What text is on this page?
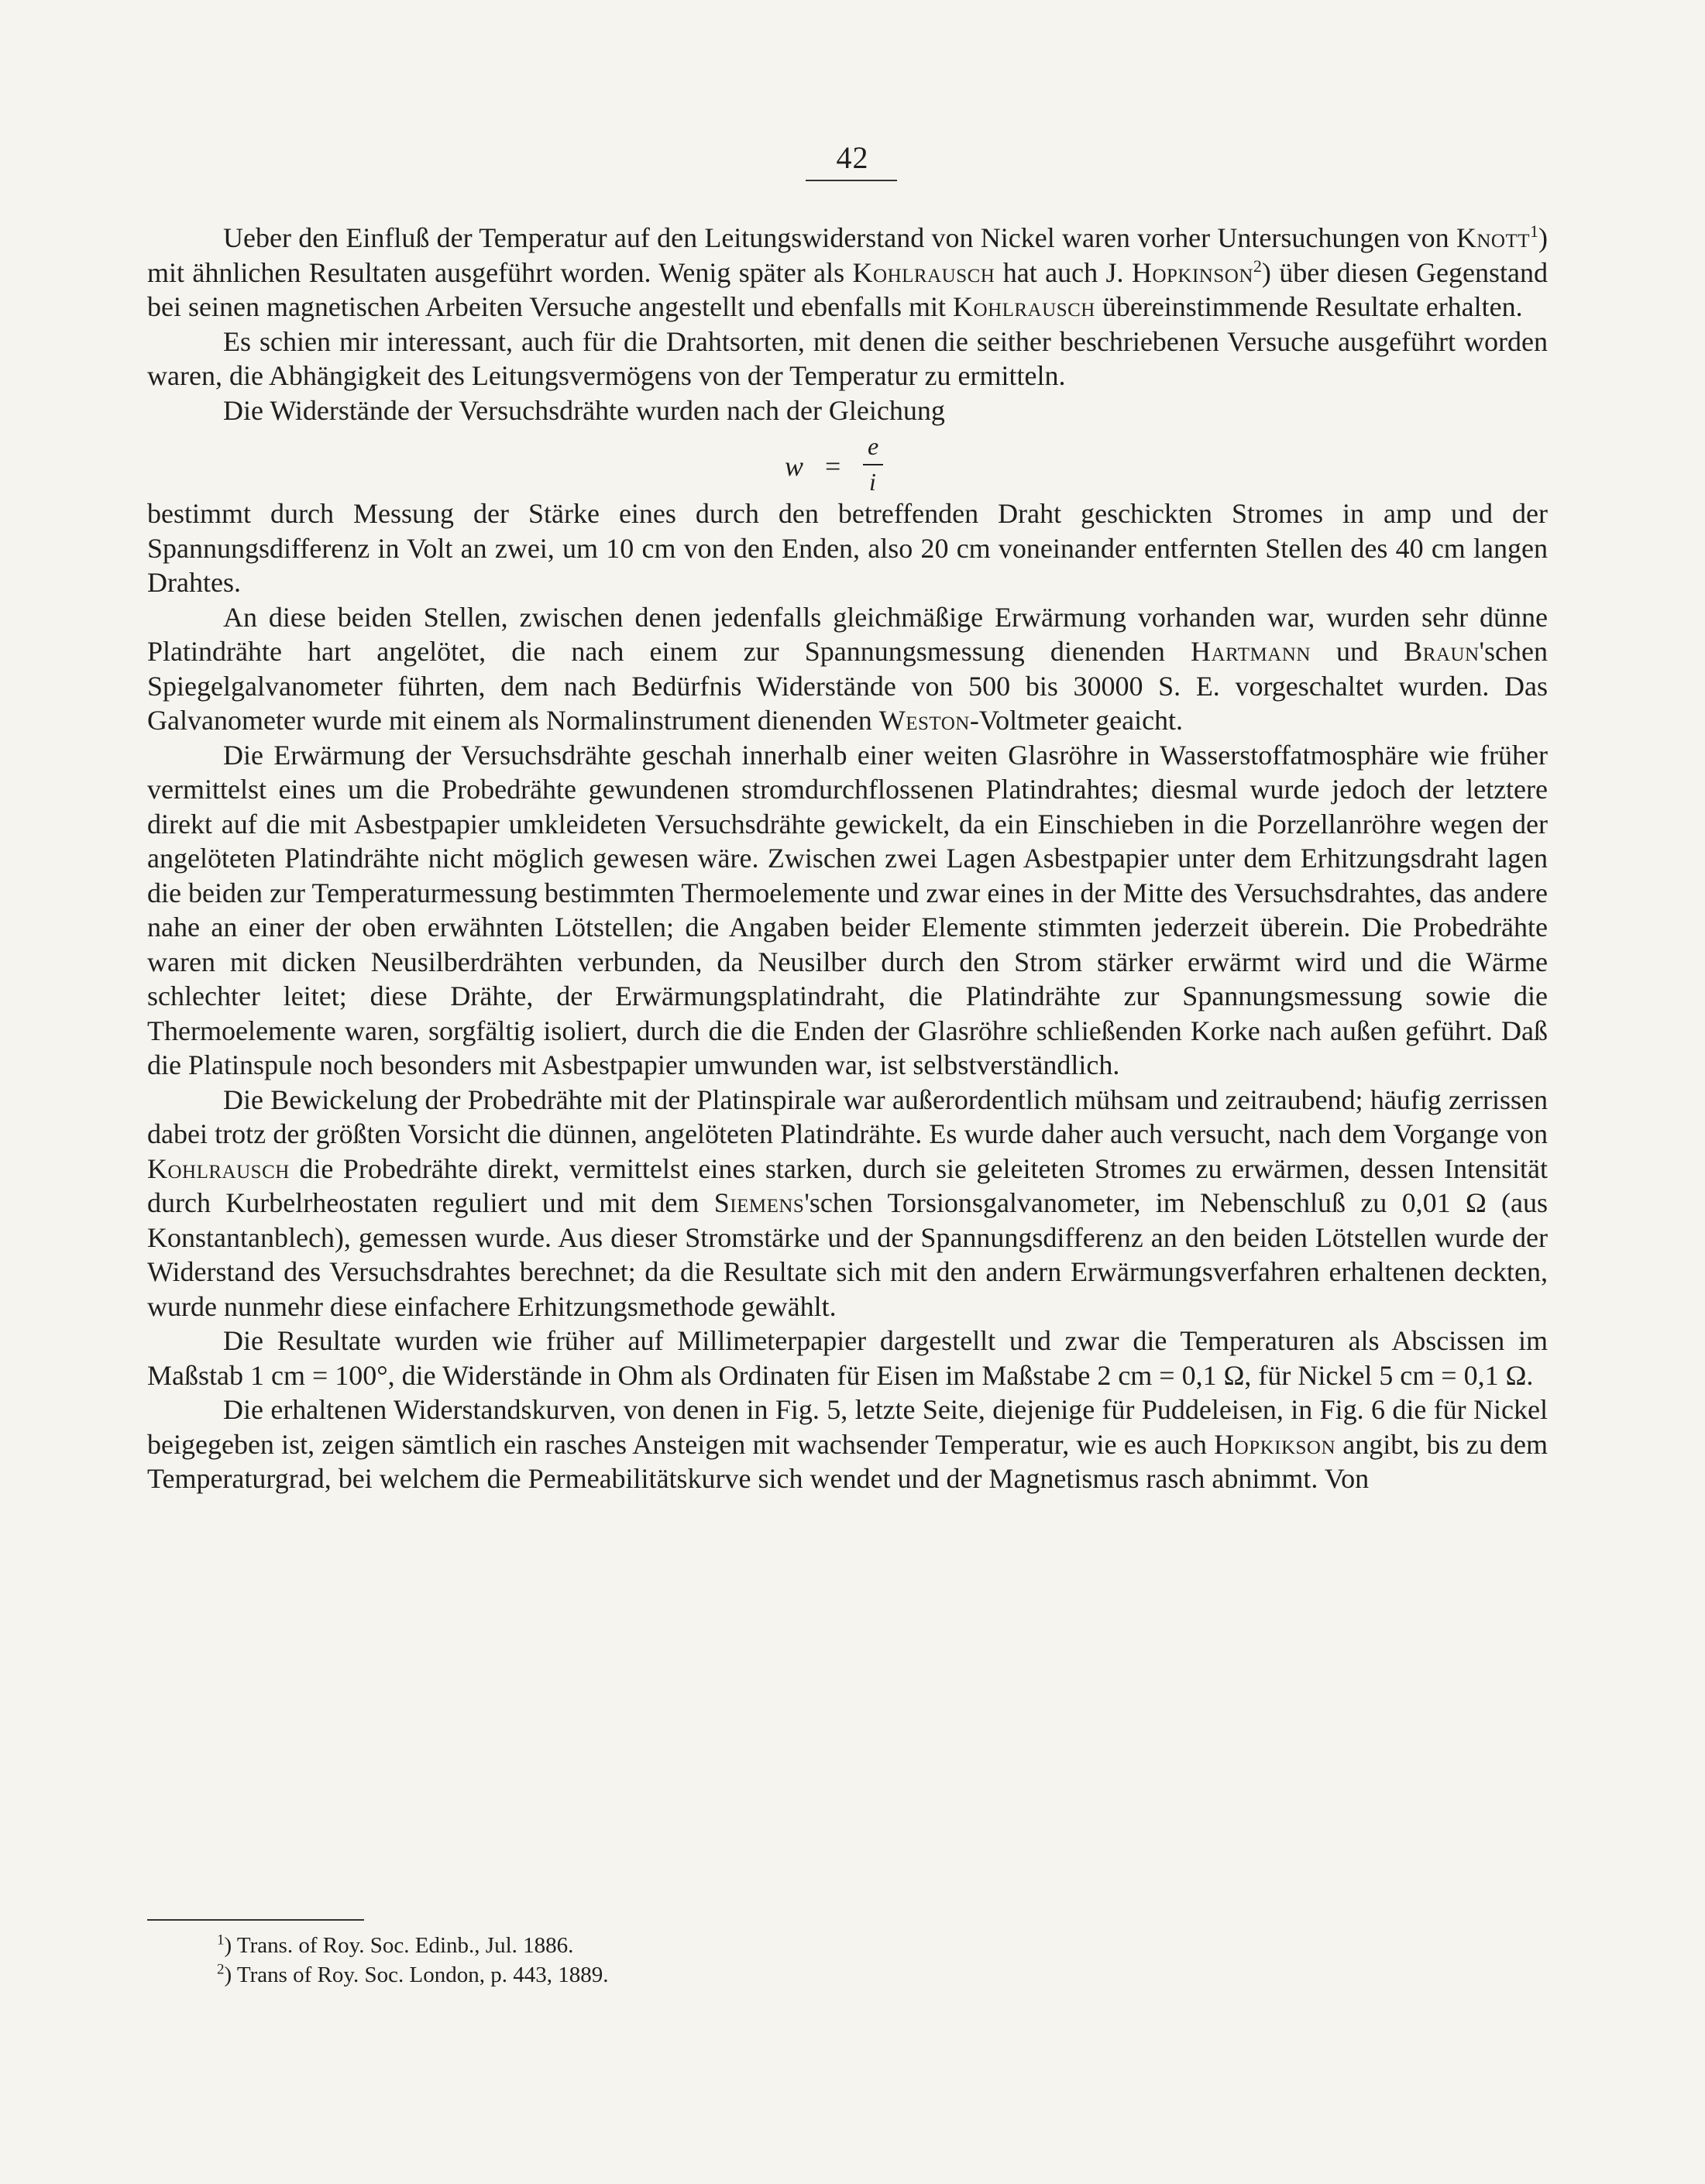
42

Ueber den Einfluß der Temperatur auf den Leitungswiderstand von Nickel waren vorher Untersuchungen von Knott$^1$) mit ähnlichen Resultaten ausgeführt worden. Wenig später als Kohlrausch hat auch J. Hopkinson$^2$) über diesen Gegenstand bei seinen magnetischen Arbeiten Versuche angestellt und ebenfalls mit Kohlrausch übereinstimmende Resultate erhalten.

Es schien mir interessant, auch für die Drahtsorten, mit denen die seither beschriebenen Versuche ausgeführt worden waren, die Abhängigkeit des Leitungsvermögens von der Temperatur zu ermitteln.

Die Widerstände der Versuchsdrähte wurden nach der Gleichung

w =
e
i

bestimmt durch Messung der Stärke eines durch den betreffenden Draht geschickten Stromes in amp und der Spannungsdifferenz in Volt an zwei, um 10 cm von den Enden, also 20 cm voneinander entfernten Stellen des 40 cm langen Drahtes.

An diese beiden Stellen, zwischen denen jedenfalls gleichmäßige Erwärmung vorhanden war, wurden sehr dünne Platindrähte hart angelötet, die nach einem zur Spannungsmessung dienenden Hartmann und Braun'schen Spiegelgalvanometer führten, dem nach Bedürfnis Widerstände von 500 bis 30000 S. E. vorgeschaltet wurden. Das Galvanometer wurde mit einem als Normalinstrument dienenden Weston-Voltmeter geaicht.

Die Erwärmung der Versuchsdrähte geschah innerhalb einer weiten Glasröhre in Wasserstoffatmosphäre wie früher vermittelst eines um die Probedrähte gewundenen stromdurchflossenen Platindrahtes; diesmal wurde jedoch der letztere direkt auf die mit Asbestpapier umkleideten Versuchsdrähte gewickelt, da ein Einschieben in die Porzellanröhre wegen der angelöteten Platindrähte nicht möglich gewesen wäre. Zwischen zwei Lagen Asbestpapier unter dem Erhitzungsdraht lagen die beiden zur Temperaturmessung bestimmten Thermoelemente und zwar eines in der Mitte des Versuchsdrahtes, das andere nahe an einer der oben erwähnten Lötstellen; die Angaben beider Elemente stimmten jederzeit überein. Die Probedrähte waren mit dicken Neusilberdrähten verbunden, da Neusilber durch den Strom stärker erwärmt wird und die Wärme schlechter leitet; diese Drähte, der Erwärmungsplatindraht, die Platindrähte zur Spannungsmessung sowie die Thermoelemente waren, sorgfältig isoliert, durch die die Enden der Glasröhre schließenden Korke nach außen geführt. Daß die Platinspule noch besonders mit Asbestpapier umwunden war, ist selbstverständlich.

Die Bewickelung der Probedrähte mit der Platinspirale war außerordentlich mühsam und zeitraubend; häufig zerrissen dabei trotz der größten Vorsicht die dünnen, angelöteten Platindrähte. Es wurde daher auch versucht, nach dem Vorgange von Kohlrausch die Probedrähte direkt, vermittelst eines starken, durch sie geleiteten Stromes zu erwärmen, dessen Intensität durch Kurbelrheostaten reguliert und mit dem Siemens'schen Torsionsgalvanometer, im Nebenschluß zu 0,01 Ω (aus Konstantanblech), gemessen wurde. Aus dieser Stromstärke und der Spannungsdifferenz an den beiden Lötstellen wurde der Widerstand des Versuchsdrahtes berechnet; da die Resultate sich mit den andern Erwärmungsverfahren erhaltenen deckten, wurde nunmehr diese einfachere Erhitzungsmethode gewählt.

Die Resultate wurden wie früher auf Millimeterpapier dargestellt und zwar die Temperaturen als Abscissen im Maßstab 1 cm = 100°, die Widerstände in Ohm als Ordinaten für Eisen im Maßstabe 2 cm = 0,1 Ω, für Nickel 5 cm = 0,1 Ω.

Die erhaltenen Widerstandskurven, von denen in Fig. 5, letzte Seite, diejenige für Puddeleisen, in Fig. 6 die für Nickel beigegeben ist, zeigen sämtlich ein rasches Ansteigen mit wachsender Temperatur, wie es auch Hopkikson angibt, bis zu dem Temperaturgrad, bei welchem die Permeabilitätskurve sich wendet und der Magnetismus rasch abnimmt. Von

$^1$) Trans. of Roy. Soc. Edinb., Jul. 1886.

$^2$) Trans of Roy. Soc. London, p. 443, 1889.
